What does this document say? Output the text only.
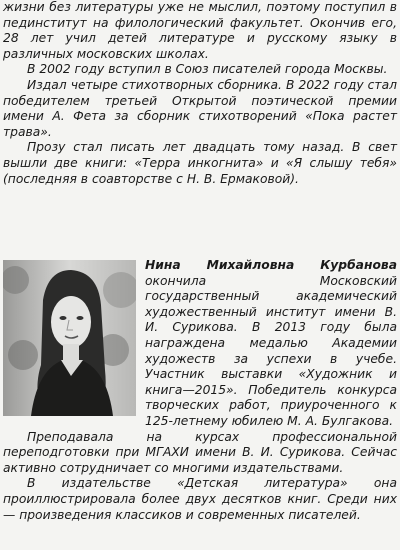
жизни без литературы уже не мыслил, поэтому поступил в пединститут на филологический факультет. Окончив его, 28 лет учил детей литературе и русскому языку в различных московских школах.

В 2002 году вступил в Союз писателей города Москвы.

Издал четыре стихотворных сборника. В 2022 году стал победителем третьей Открытой поэтической премии имени А. Фета за сборник стихотворений «Пока растет трава».

Прозу стал писать лет двадцать тому назад. В свет вышли две книги: «Терра инкогнита» и «Я слышу тебя» (последняя в соавторстве с Н. В. Ермаковой).

Нина Михайловна Курбанова окончила Московский государственный академический художественный институт имени В. И. Сурикова. В 2013 году была награждена медалью Академии художеств за успехи в учебе. Участник выставки «Художник и книга—2015». Победитель конкурса творческих работ, приуроченного к 125-летнему юбилею М. А. Булгакова.

Преподавала на курсах профессиональной переподготовки при МГАХИ имени В. И. Сурикова. Сейчас активно сотрудничает со многими издательствами.

В издательстве «Детская литература» она проиллюстрировала более двух десятков книг. Среди них — произведения классиков и современных писателей.
